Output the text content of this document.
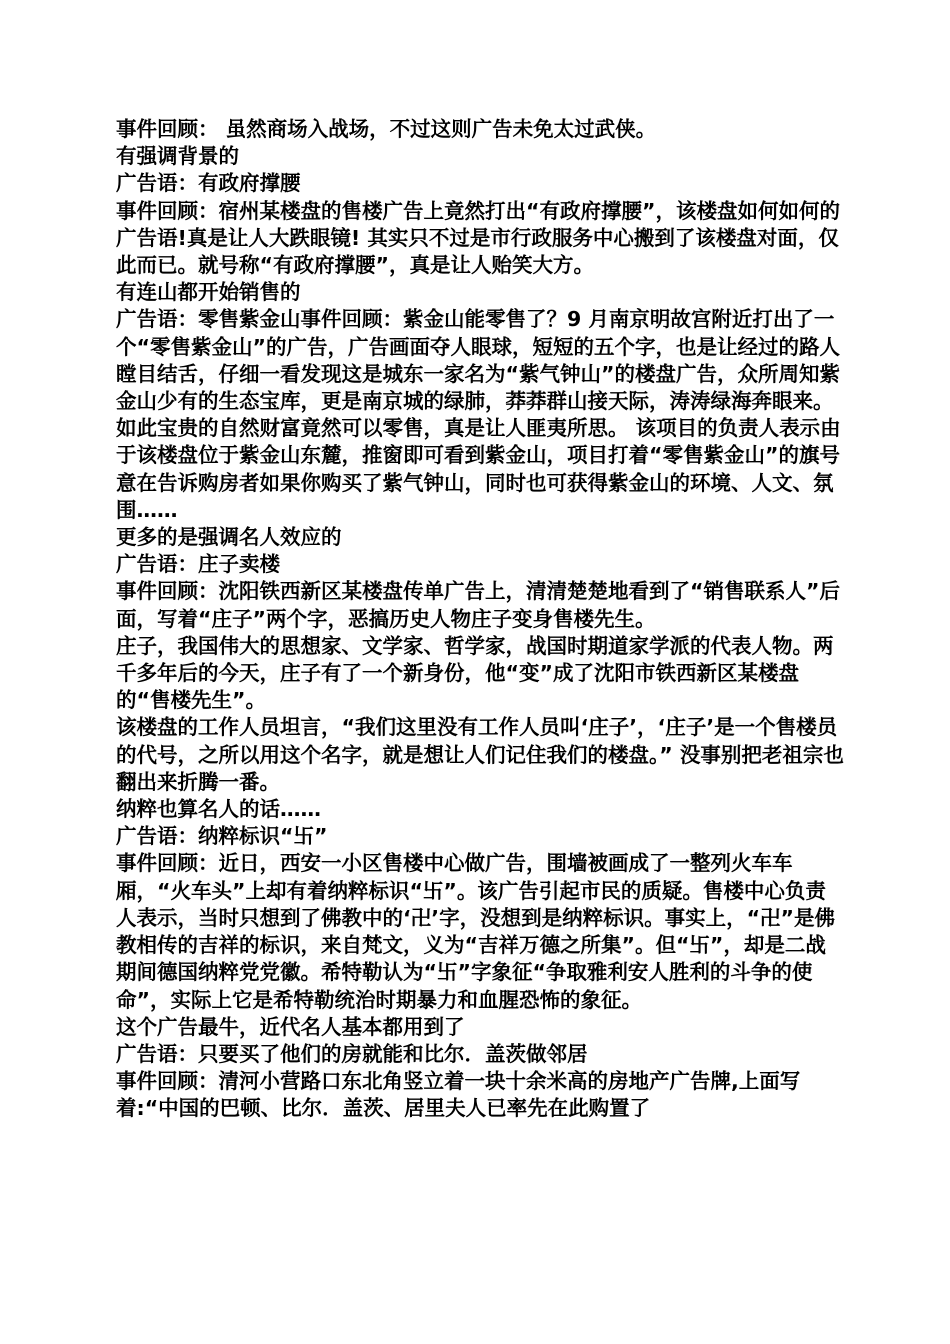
事件回顾： 虽然商场入战场，不过这则广告未免太过武侠。

有强调背景的

广告语：有政府撑腰

事件回顾：宿州某楼盘的售楼广告上竟然打出“有政府撑腰”，该楼盘如何如何的广告语!真是让人大跌眼镜! 其实只不过是市行政服务中心搬到了该楼盘对面，仅此而已。就号称“有政府撑腰”，真是让人贻笑大方。

有连山都开始销售的

广告语：零售紫金山事件回顾：紫金山能零售了？9 月南京明故宫附近打出了一个“零售紫金山”的广告，广告画面夺人眼球，短短的五个字，也是让经过的路人瞠目结舌，仔细一看发现这是城东一家名为“紫气钟山”的楼盘广告，众所周知紫金山少有的生态宝库，更是南京城的绿肺，莽莽群山接天际，涛涛绿海奔眼来。如此宝贵的自然财富竟然可以零售，真是让人匪夷所思。 该项目的负责人表示由于该楼盘位于紫金山东麓，推窗即可看到紫金山，项目打着“零售紫金山”的旗号意在告诉购房者如果你购买了紫气钟山，同时也可获得紫金山的环境、人文、氛围……

更多的是强调名人效应的

广告语：庄子卖楼

事件回顾：沈阳铁西新区某楼盘传单广告上，清清楚楚地看到了“销售联系人”后面，写着“庄子”两个字，恶搞历史人物庄子变身售楼先生。

庄子，我国伟大的思想家、文学家、哲学家，战国时期道家学派的代表人物。两千多年后的今天，庄子有了一个新身份，他“变”成了沈阳市铁西新区某楼盘的“售楼先生”。

该楼盘的工作人员坦言，“我们这里没有工作人员叫‘庄子’，‘庄子’是一个售楼员的代号，之所以用这个名字，就是想让人们记住我们的楼盘。” 没事别把老祖宗也翻出来折腾一番。

纳粹也算名人的话……

广告语：纳粹标识“卐”

事件回顾：近日，西安一小区售楼中心做广告，围墙被画成了一整列火车车厢，“火车头”上却有着纳粹标识“卐”。该广告引起市民的质疑。售楼中心负责人表示，当时只想到了佛教中的‘卍’字，没想到是纳粹标识。事实上，“卍”是佛教相传的吉祥的标识，来自梵文，义为“吉祥万德之所集”。但“卐”，却是二战期间德国纳粹党党徽。希特勒认为“卐”字象征“争取雅利安人胜利的斗争的使命”，实际上它是希特勒统治时期暴力和血腥恐怖的象征。

这个广告最牛，近代名人基本都用到了

广告语：只要买了他们的房就能和比尔．盖茨做邻居

事件回顾：清河小营路口东北角竖立着一块十余米高的房地产广告牌,上面写着:“中国的巴顿、比尔．盖茨、居里夫人已率先在此购置了
